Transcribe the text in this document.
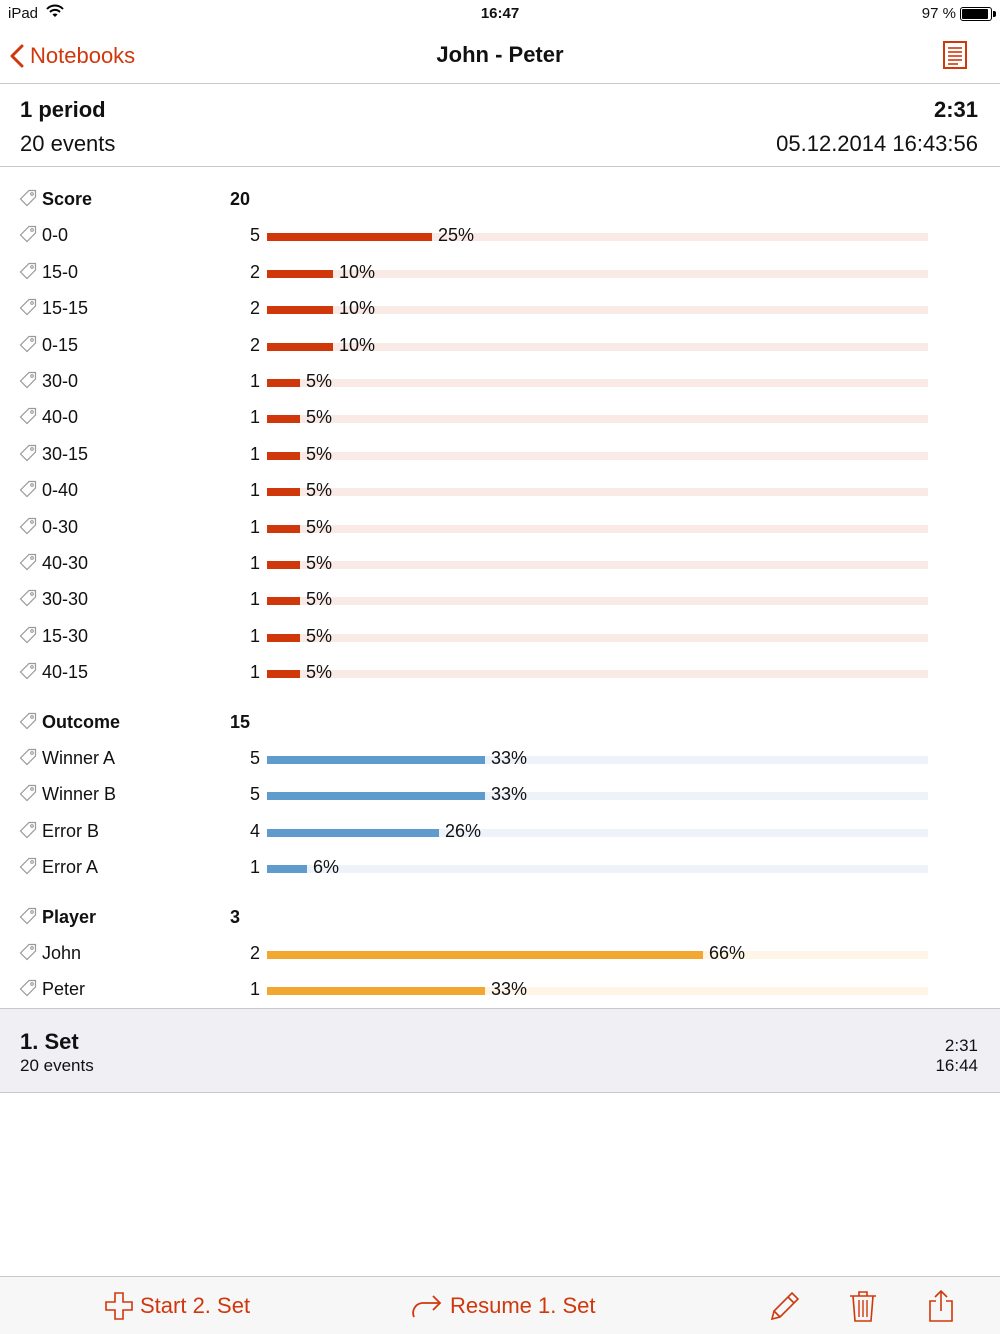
iPad	16:47	97 %
Notebooks	John - Peter
1 period
20 events
2:31
05.12.2014 16:43:56
Score	20
0-0	5	25%
15-0	2	10%
15-15	2	10%
0-15	2	10%
30-0	1	5%
40-0	1	5%
30-15	1	5%
0-40	1	5%
0-30	1	5%
40-30	1	5%
30-30	1	5%
15-30	1	5%
40-15	1	5%
Outcome	15
Winner A	5	33%
Winner B	5	33%
Error B	4	26%
Error A	1	6%
Player	3
John	2	66%
Peter	1	33%
1. Set
20 events
2:31
16:44
Start 2. Set	Resume 1. Set
